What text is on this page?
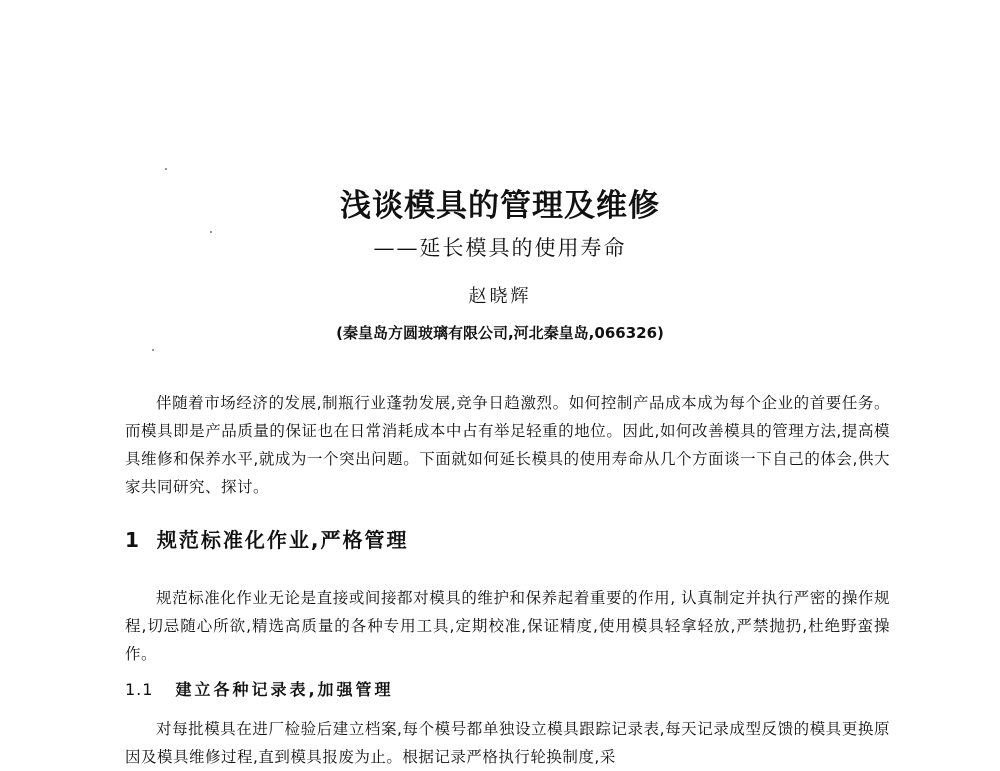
浅谈模具的管理及维修
——延长模具的使用寿命
赵晓辉
(秦皇岛方圆玻璃有限公司,河北秦皇岛,066326)

伴随着市场经济的发展,制瓶行业蓬勃发展,竞争日趋激烈。如何控制产品成本成为每个企业的首要任务。而模具即是产品质量的保证也在日常消耗成本中占有举足轻重的地位。因此,如何改善模具的管理方法,提高模具维修和保养水平,就成为一个突出问题。下面就如何延长模具的使用寿命从几个方面谈一下自己的体会,供大家共同研究、探讨。

1 规范标准化作业,严格管理

规范标准化作业无论是直接或间接都对模具的维护和保养起着重要的作用, 认真制定并执行严密的操作规程,切忌随心所欲,精选高质量的各种专用工具,定期校准,保证精度,使用模具轻拿轻放,严禁抛扔,杜绝野蛮操作。

1.1 建立各种记录表,加强管理

对每批模具在进厂检验后建立档案,每个模号都单独设立模具跟踪记录表,每天记录成型反馈的模具更换原因及模具维修过程,直到模具报废为止。根据记录严格执行轮换制度,采
